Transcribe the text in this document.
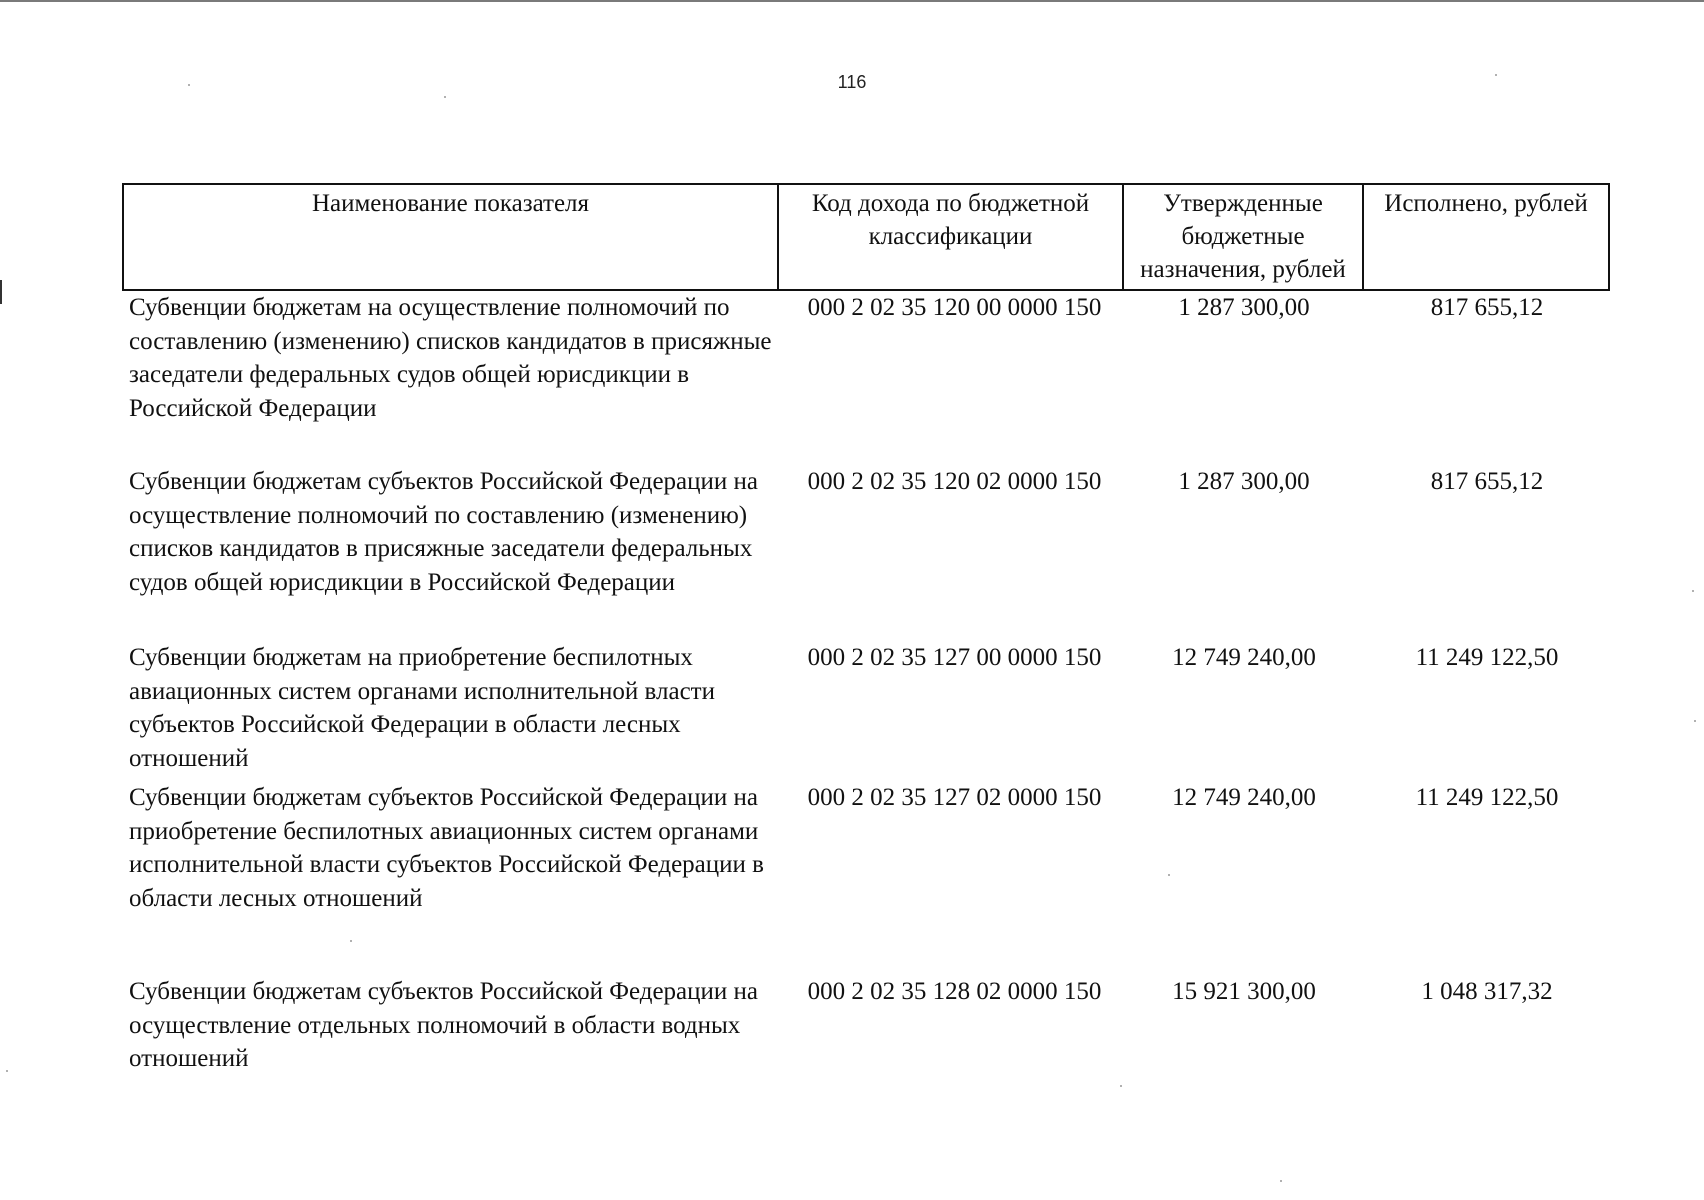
116
Наименование показателя	Код дохода по бюджетной классификации	Утвержденные бюджетные назначения, рублей	Исполнено, рублей
Субвенции бюджетам на осуществление полномочий по составлению (изменению) списков кандидатов в присяжные заседатели федеральных судов общей юрисдикции в Российской Федерации	000 2 02 35 120 00 0000 150	1 287 300,00	817 655,12
Субвенции бюджетам субъектов Российской Федерации на осуществление полномочий по составлению (изменению) списков кандидатов в присяжные заседатели федеральных судов общей юрисдикции в Российской Федерации	000 2 02 35 120 02 0000 150	1 287 300,00	817 655,12
Субвенции бюджетам на приобретение беспилотных авиационных систем органами исполнительной власти субъектов Российской Федерации в области лесных отношений	000 2 02 35 127 00 0000 150	12 749 240,00	11 249 122,50
Субвенции бюджетам субъектов Российской Федерации на приобретение беспилотных авиационных систем органами исполнительной власти субъектов Российской Федерации в области лесных отношений	000 2 02 35 127 02 0000 150	12 749 240,00	11 249 122,50
Субвенции бюджетам субъектов Российской Федерации на осуществление отдельных полномочий в области водных отношений	000 2 02 35 128 02 0000 150	15 921 300,00	1 048 317,32
